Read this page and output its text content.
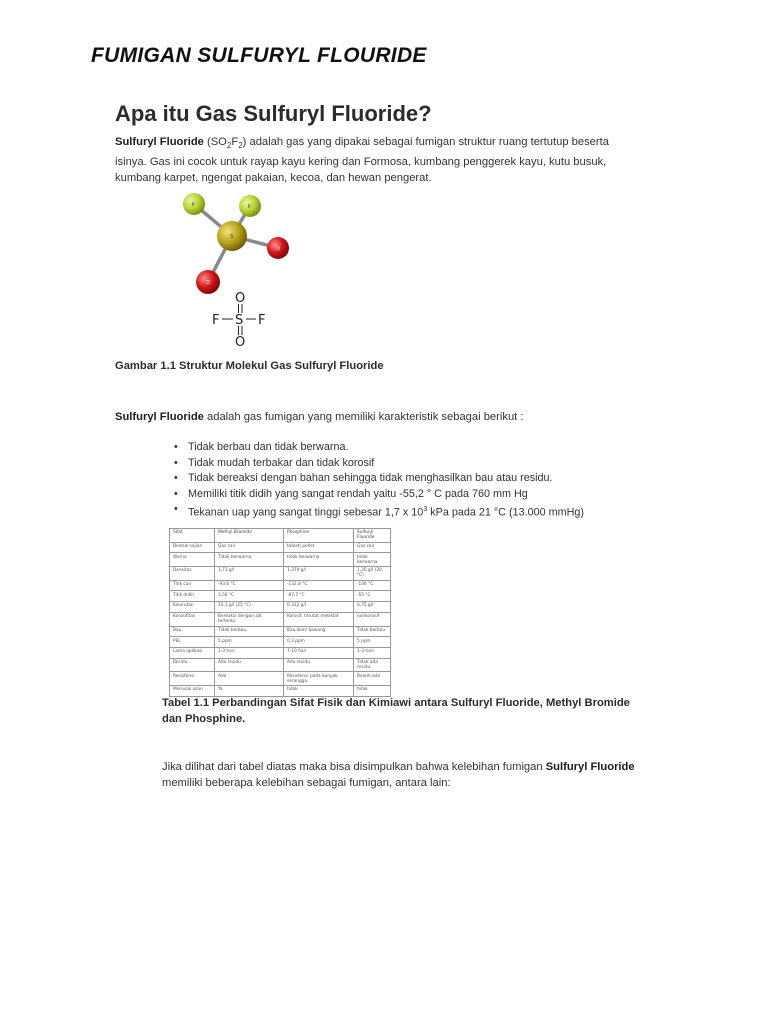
FUMIGAN SULFURYL FLOURIDE
Apa itu Gas Sulfuryl Fluoride?

Sulfuryl Fluoride $(SO_2F_2)$ adalah gas yang dipakai sebagai fumigan struktur ruang tertutup beserta isinya. Gas ini cocok untuk rayap kayu kering dan Formosa, kumbang penggerek kayu, kutu busuk, kumbang karpet, ngengat pakaian, kecoa, dan hewan pengerat.

F	F
S
O
O
O
F S F
O

Gambar 1.1 Struktur Molekul Gas Sulfuryl Fluoride

Sulfuryl Fluoride adalah gas fumigan yang memiliki karakteristik sebagai berikut :

• Tidak berbau dan tidak berwarna.
• Tidak mudah terbakar dan tidak korosif
• Tidak bereaksi dengan bahan sehingga tidak menghasilkan bau atau residu.
• Memiliki titik didih yang sangat rendah yaitu -55,2 ° C pada 760 mm Hg
• Tekanan uap yang sangat tinggi sebesar 1,7 x $10^3$ kPa pada 21 °C (13.000 mmHg)
Sifat	Methyl Bromide	Phosphine	Sulfuryl Fluoride
Bentuk sajian	Gas cair	tablet/ pellet	Gas cair
Warna	Tidak berwarna	tidak berwarna	tidak berwarna
Densitas	1,73 g/l	1,379 g/l	1,35 g/l (20 °C)
Titik cair	-93,6 °C	-132,8 °C	-136 °C
Titik didih	3,56 °C	-87,7 °C	-55 °C
Kelarutan	15,1 g/l (25 °C)	0,312 g/l	0,75 g/l
Korosifitas	Bereaksi dengan zat tertentu	Korosif, terutat metedat	nonkorosif
Bau	Tidak berbau	Bau ikan/ bawang	Tidak berbau
PEL	5 ppm	0,3 ppm	5 ppm
Lama aplikasi	1-3 hari	7-10 hari	1-3 hari
Residu	Ada residu	Ada residu	Tidak ada residu
Resistensi	Ada	Resistensi pada banyak serangga	Belum ada
Merusak ozon	Ya	tidak	tidak

Tabel 1.1 Perbandingan Sifat Fisik dan Kimiawi antara Sulfuryl Fluoride, Methyl Bromide dan Phosphine.

Jika dilihat dari tabel diatas maka bisa disimpulkan bahwa kelebihan fumigan Sulfuryl Fluoride memiliki beberapa kelebihan sebagai fumigan, antara lain:
